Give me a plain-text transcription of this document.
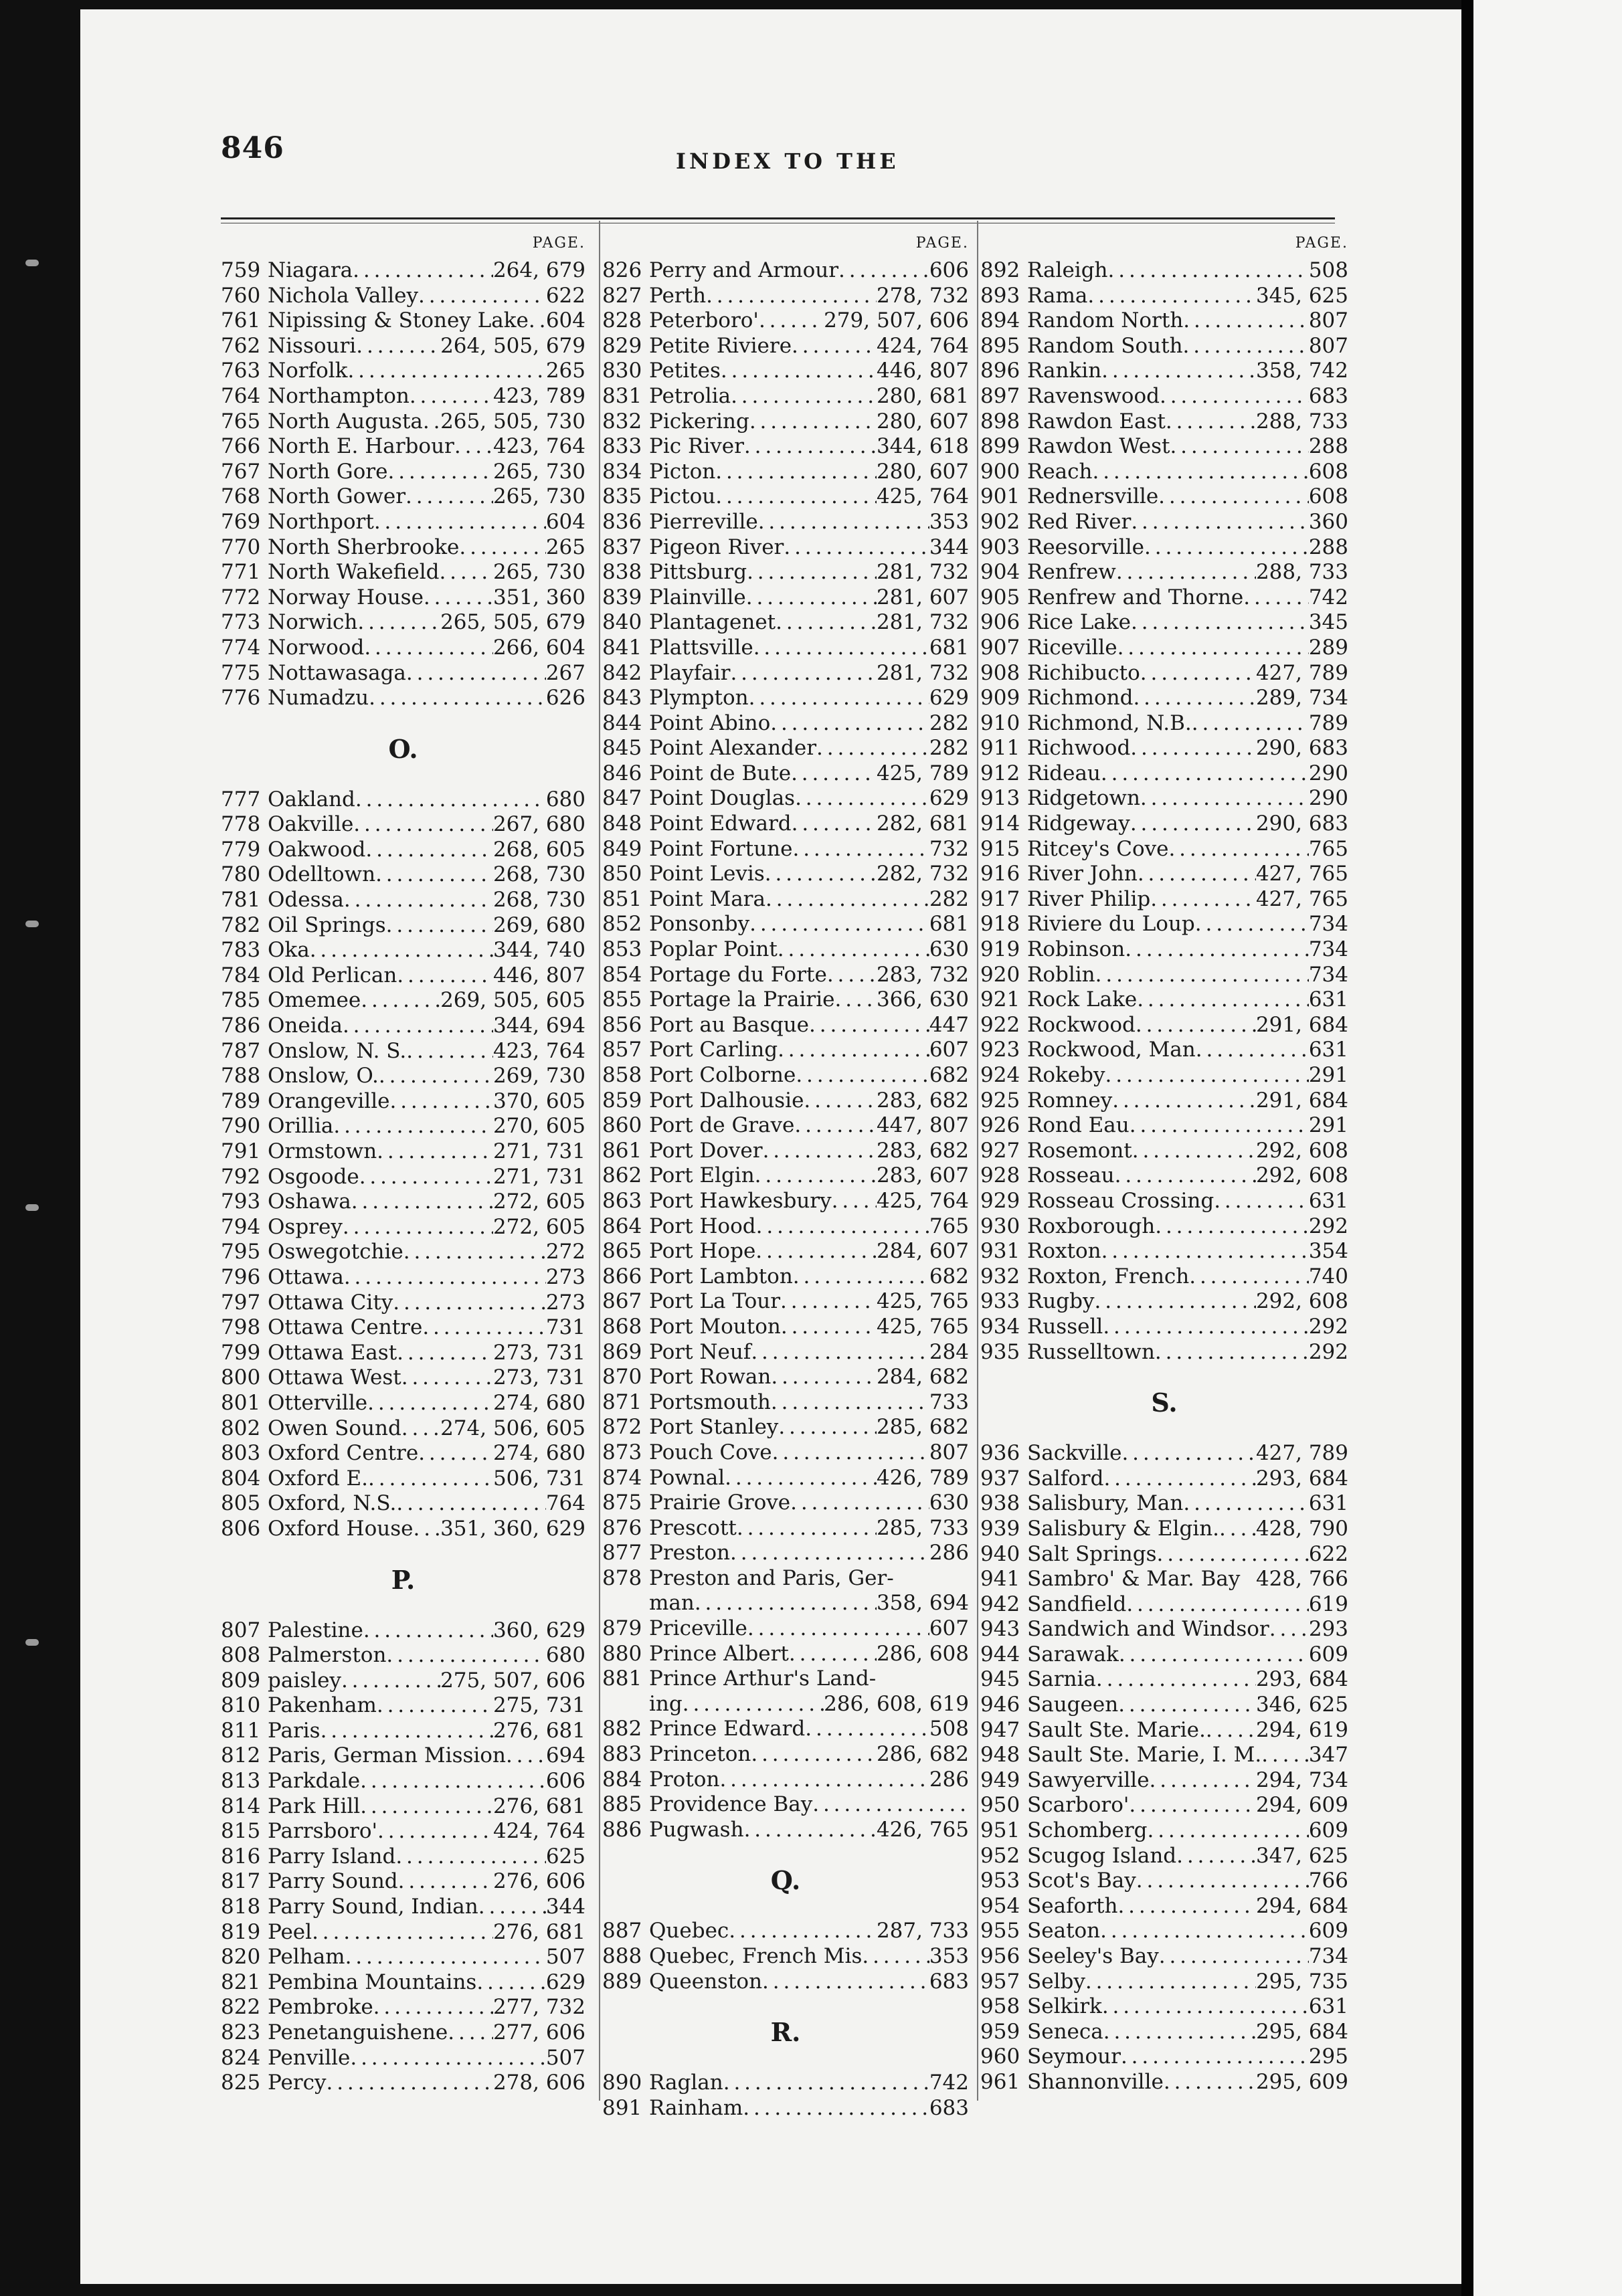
846	INDEX TO THE
PAGE.
759 Niagara . . .	264, 679
760 Nichola Valley . . .	622
761 Nipissing & Stoney Lake . . . 604
762 Nissouri . . .	264, 505, 679
763 Norfolk . . .	265
764 Northampton . . .	423, 789
765 North Augusta . . . 265, 505, 730
766 North E. Harbour . . . 423, 764
767 North Gore . . .	265, 730
768 North Gower . . .	265, 730
769 Northport . . .	604
770 North Sherbrooke . . .	265
771 North Wakefield . . .	265, 730
772 Norway House . . .	351, 360
773 Norwich . . .	265, 505, 679
774 Norwood . . .	266, 604
775 Nottawasaga . . .	267
776 Numadzu . . .	626
O.
777 Oakland . . .	680
778 Oakville . . .	267, 680
779 Oakwood . . .	268, 605
780 Odelltown . . .	268, 730
781 Odessa . . .	268, 730
782 Oil Springs . . .	269, 680
783 Oka . . .	344, 740
784 Old Perlican . . .	446, 807
785 Omemee . . .	269, 505, 605
786 Oneida . . .	344, 694
787 Onslow, N. S. . . .	423, 764
788 Onslow, O. . . .	269, 730
789 Orangeville . . .	370, 605
790 Orillia . . .	270, 605
791 Ormstown . . .	271, 731
792 Osgoode . . .	271, 731
793 Oshawa . . .	272, 605
794 Osprey . . .	272, 605
795 Oswegotchie . . .	272
796 Ottawa . . .	273
797 Ottawa City . . .	273
798 Ottawa Centre . . .	731
799 Ottawa East . . .	273, 731
800 Ottawa West . . .	273, 731
801 Otterville . . .	274, 680
802 Owen Sound . . . 274, 506, 605
803 Oxford Centre . . .	274, 680
804 Oxford E. . . .	506, 731
805 Oxford, N.S. . . .	764
806 Oxford House . . . 351, 360, 629
P.
807 Palestine . . .	360, 629
808 Palmerston . . .	680
809 paisley . . .	275, 507, 606
810 Pakenham . . .	275, 731
811 Paris . . .	276, 681
812 Paris, German Mission . . . 694
813 Parkdale . . .	606
814 Park Hill . . .	276, 681
815 Parrsboro' . . .	424, 764
816 Parry Island . . .	625
817 Parry Sound . . .	276, 606
818 Parry Sound, Indian . . .	344
819 Peel . . .	276, 681
820 Pelham . . .	507
821 Pembina Mountains . . .	629
822 Pembroke . . .	277, 732
823 Penetanguishene . . . 277, 606
824 Penville . . .	507
825 Percy . . .	278, 606
PAGE.
826 Perry and Armour . . .	606
827 Perth . . .	278, 732
828 Peterboro' . . .	279, 507, 606
829 Petite Riviere . . .	424, 764
830 Petites . . .	446, 807
831 Petrolia . . .	280, 681
832 Pickering . . .	280, 607
833 Pic River . . .	344, 618
834 Picton . . .	280, 607
835 Pictou . . .	425, 764
836 Pierreville . . .	353
837 Pigeon River . . .	344
838 Pittsburg . . .	281, 732
839 Plainville . . .	281, 607
840 Plantagenet . . .	281, 732
841 Plattsville . . .	681
842 Playfair . . .	281, 732
843 Plympton . . .	629
844 Point Abino . . .	282
845 Point Alexander . . .	282
846 Point de Bute . . .	425, 789
847 Point Douglas . . .	629
848 Point Edward . . .	282, 681
849 Point Fortune . . .	732
850 Point Levis . . .	282, 732
851 Point Mara . . .	282
852 Ponsonby . . .	681
853 Poplar Point . . .	630
854 Portage du Forte . . . 283, 732
855 Portage la Prairie . . . 366, 630
856 Port au Basque . . .	447
857 Port Carling . . .	607
858 Port Colborne . . .	682
859 Port Dalhousie . . .	283, 682
860 Port de Grave . . .	447, 807
861 Port Dover . . .	283, 682
862 Port Elgin . . .	283, 607
863 Port Hawkesbury . . . 425, 764
864 Port Hood . . .	765
865 Port Hope . . .	284, 607
866 Port Lambton . . .	682
867 Port La Tour . . .	425, 765
868 Port Mouton . . .	425, 765
869 Port Neuf . . .	284
870 Port Rowan . . .	284, 682
871 Portsmouth . . .	733
872 Port Stanley . . .	285, 682
873 Pouch Cove . . .	807
874 Pownal . . .	426, 789
875 Prairie Grove . . .	630
876 Prescott . . .	285, 733
877 Preston . . .	286
878 Preston and Paris, Ger-
man . . .	358, 694
879 Priceville . . .	607
880 Prince Albert . . .	286, 608
881 Prince Arthur's Land-
ing . . .	286, 608, 619
882 Prince Edward . . .	508
883 Princeton . . .	286, 682
884 Proton . . .	286
885 Providence Bay
. . .
886 Pugwash . . .	426, 765
Q.
887 Quebec . . .	287, 733
888 Quebec, French Mis . . .	353
889 Queenston . . .	683
R.
890 Raglan . . .	742
891 Rainham . . .	683
PAGE.
892 Raleigh . . .	508
893 Rama . . .	345, 625
894 Random North . . .	807
895 Random South . . .	807
896 Rankin . . .	358, 742
897 Ravenswood . . .	683
898 Rawdon East . . .	288, 733
899 Rawdon West . . .	288
900 Reach . . .	608
901 Rednersville . . .	608
902 Red River . . .	360
903 Reesorville . . .	288
904 Renfrew . . .	288, 733
905 Renfrew and Thorne . . .	742
906 Rice Lake . . .	345
907 Riceville . . .	289
908 Richibucto . . .	427, 789
909 Richmond . . .	289, 734
910 Richmond, N.B. . . .	789
911 Richwood . . .	290, 683
912 Rideau . . .	290
913 Ridgetown . . .	290
914 Ridgeway . . .	290, 683
915 Ritcey's Cove . . .	765
916 River John . . .	427, 765
917 River Philip . . .	427, 765
918 Riviere du Loup . . .	734
919 Robinson . . .	734
920 Roblin . . .	734
921 Rock Lake . . .	631
922 Rockwood . . .	291, 684
923 Rockwood, Man . . .	631
924 Rokeby . . .	291
925 Romney . . .	291, 684
926 Rond Eau . . .	291
927 Rosemont . . .	292, 608
928 Rosseau . . .	292, 608
929 Rosseau Crossing . . .	631
930 Roxborough . . .	292
931 Roxton . . .	354
932 Roxton, French . . .	740
933 Rugby . . .	292, 608
934 Russell . . .	292
935 Russelltown . . .	292
S.
936 Sackville . . .	427, 789
937 Salford . . .	293, 684
938 Salisbury, Man . . .	631
939 Salisbury & Elgin. . . . 428, 790
940 Salt Springs . . .	622
941 Sambro' & Mar. Bay 428, 766
942 Sandfield . . .	619
943 Sandwich and Windsor . . . 293
944 Sarawak . . .	609
945 Sarnia . . .	293, 684
946 Saugeen . . .	346, 625
947 Sault Ste. Marie. . . . 294, 619
948 Sault Ste. Marie, I. M. . . . 347
949 Sawyerville . . .	294, 734
950 Scarboro' . . .	294, 609
951 Schomberg . . .	609
952 Scugog Island . . .	347, 625
953 Scot's Bay . . .	766
954 Seaforth . . .	294, 684
955 Seaton . . .	609
956 Seeley's Bay . . .	734
957 Selby . . .	295, 735
958 Selkirk . . .	631
959 Seneca . . .	295, 684
960 Seymour . . .	295
961 Shannonville . . .	295, 609
